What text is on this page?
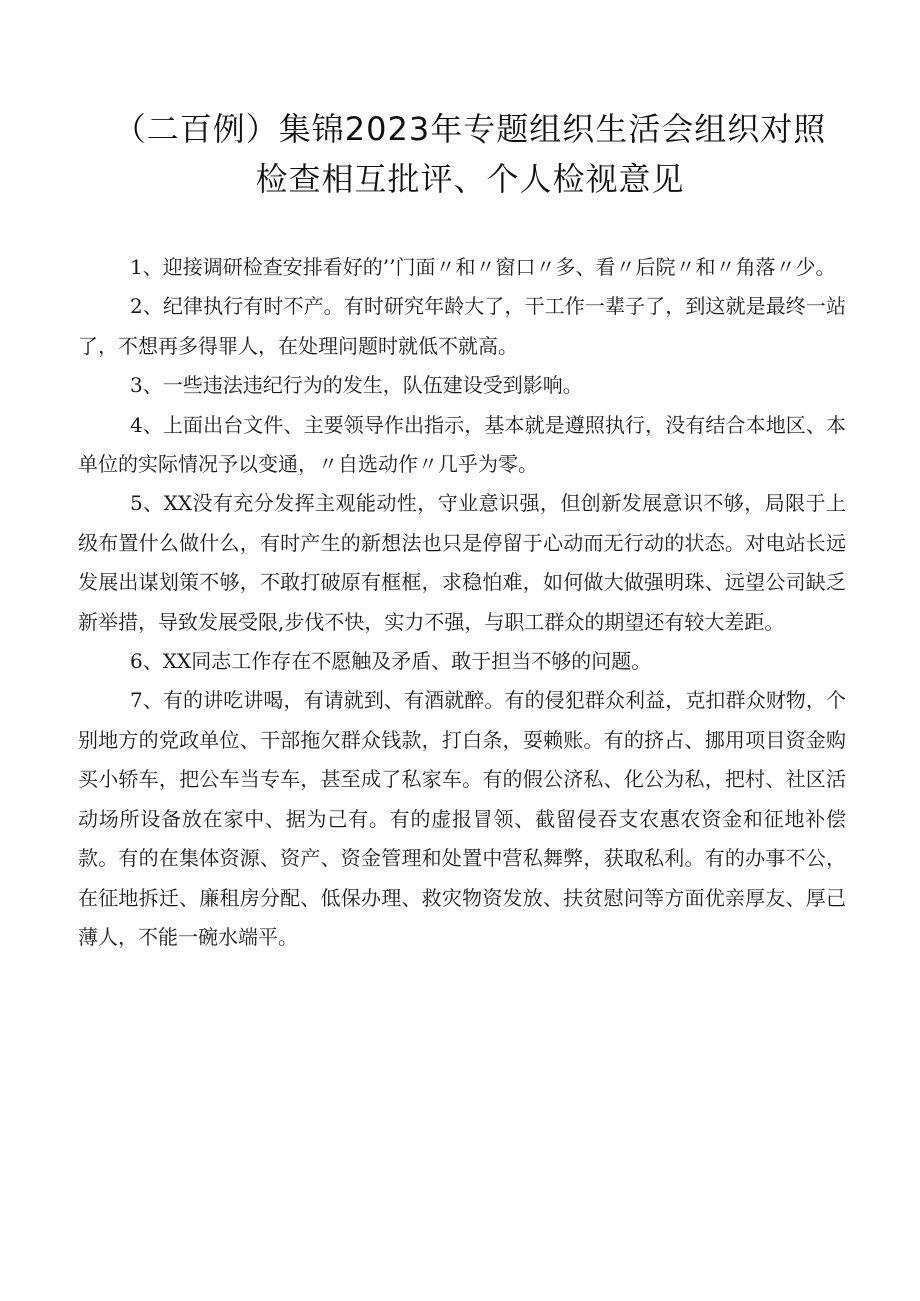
（二百例）集锦2023年专题组织生活会组织对照
检查相互批评、个人检视意见

1、迎接调研检查安排看好的’’门面〃和〃窗口〃多、看〃后院〃和〃角落〃少。

2、纪律执行有时不产。有时研究年龄大了，干工作一辈子了，到这就是最终一站了，不想再多得罪人，在处理问题时就低不就高。

3、一些违法违纪行为的发生，队伍建设受到影响。

4、上面出台文件、主要领导作出指示，基本就是遵照执行，没有结合本地区、本单位的实际情况予以变通，〃自选动作〃几乎为零。

5、XX没有充分发挥主观能动性，守业意识强，但创新发展意识不够，局限于上级布置什么做什么，有时产生的新想法也只是停留于心动而无行动的状态。对电站长远发展出谋划策不够，不敢打破原有框框，求稳怕难，如何做大做强明珠、远望公司缺乏新举措，导致发展受限,步伐不快，实力不强，与职工群众的期望还有较大差距。

6、XX同志工作存在不愿触及矛盾、敢于担当不够的问题。

7、有的讲吃讲喝，有请就到、有酒就醉。有的侵犯群众利益，克扣群众财物，个别地方的党政单位、干部拖欠群众钱款，打白条，耍赖账。有的挤占、挪用项目资金购买小轿车，把公车当专车，甚至成了私家车。有的假公济私、化公为私，把村、社区活动场所设备放在家中、据为己有。有的虚报冒领、截留侵吞支农惠农资金和征地补偿款。有的在集体资源、资产、资金管理和处置中营私舞弊，获取私利。有的办事不公，在征地拆迁、廉租房分配、低保办理、救灾物资发放、扶贫慰问等方面优亲厚友、厚己薄人，不能一碗水端平。
